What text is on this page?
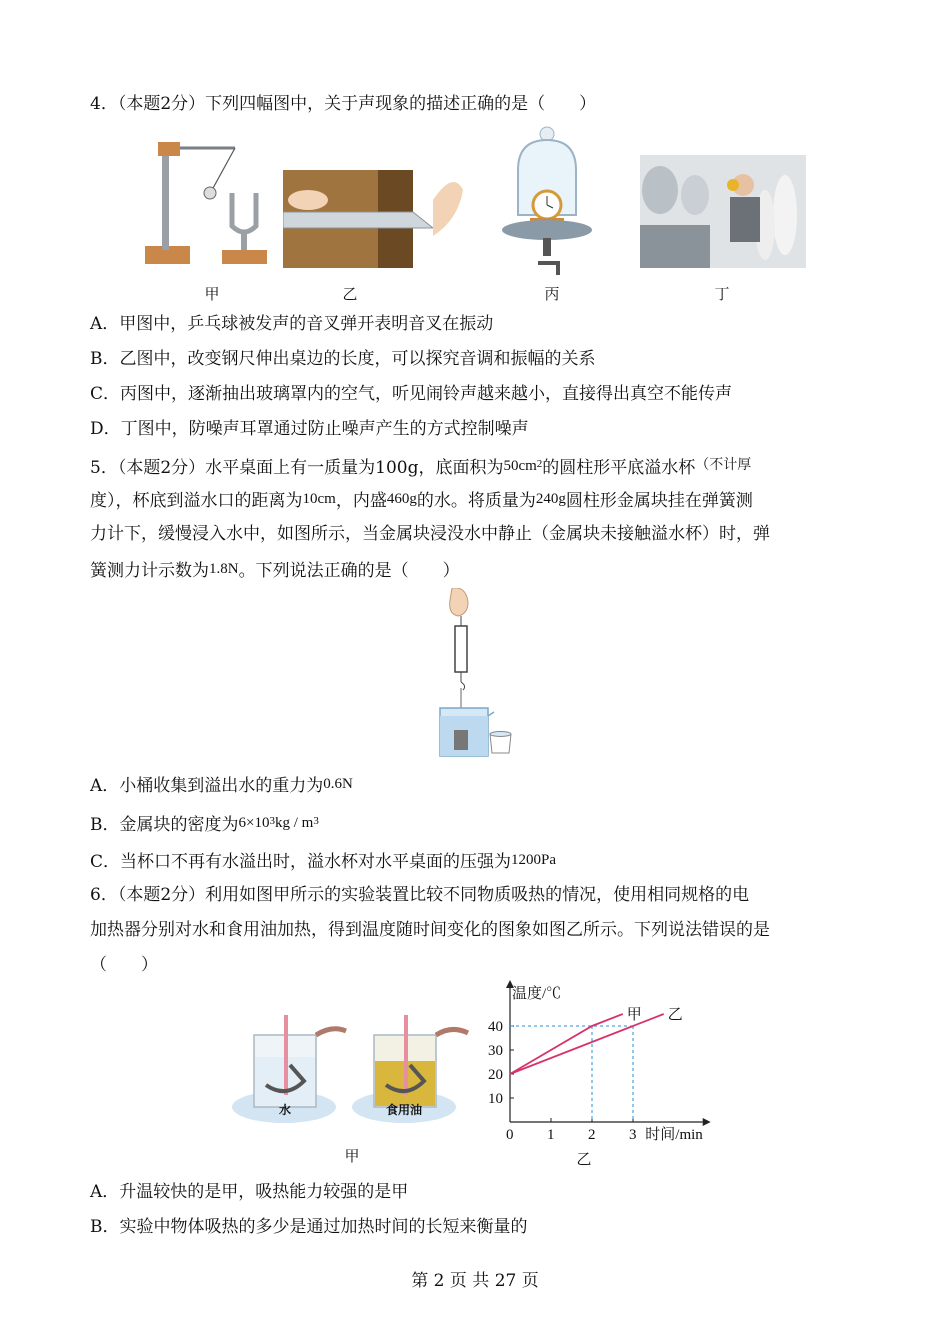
4．（本题2分）下列四幅图中，关于声现象的描述正确的是（　　）
甲	乙	丙	丁
A．甲图中，乒乓球被发声的音叉弹开表明音叉在振动
B．乙图中，改变钢尺伸出桌边的长度，可以探究音调和振幅的关系
C．丙图中，逐渐抽出玻璃罩内的空气，听见闹铃声越来越小，直接得出真空不能传声
D．丁图中，防噪声耳罩通过防止噪声产生的方式控制噪声
5．（本题2分）水平桌面上有一质量为100g，底面积为$50cm^2$的圆柱形平底溢水杯$^{(不计厚}$
度），杯底到溢水口的距离为10cm，内盛460g的水。将质量为240g圆柱形金属块挂在弹簧测
力计下，缓慢浸入水中，如图所示，当金属块浸没水中静止（金属块未接触溢水杯）时，弹
簧测力计示数为1.8N。下列说法正确的是（　　）
A．小桶收集到溢出水的重力为0.6N
B．金属块的密度为$6\times 10^3kg / m^3$
C．当杯口不再有水溢出时，溢水杯对水平桌面的压强为1200Pa
6．（本题2分）利用如图甲所示的实验装置比较不同物质吸热的情况，使用相同规格的电
加热器分别对水和食用油加热，得到温度随时间变化的图象如图乙所示。下列说法错误的是
（　　）
水	食用油
甲
时间/min
温度/℃
0 1 2 3
10
20
30
40
甲 乙
乙
A．升温较快的是甲，吸热能力较强的是甲
B．实验中物体吸热的多少是通过加热时间的长短来衡量的
第 2 页 共 27 页
